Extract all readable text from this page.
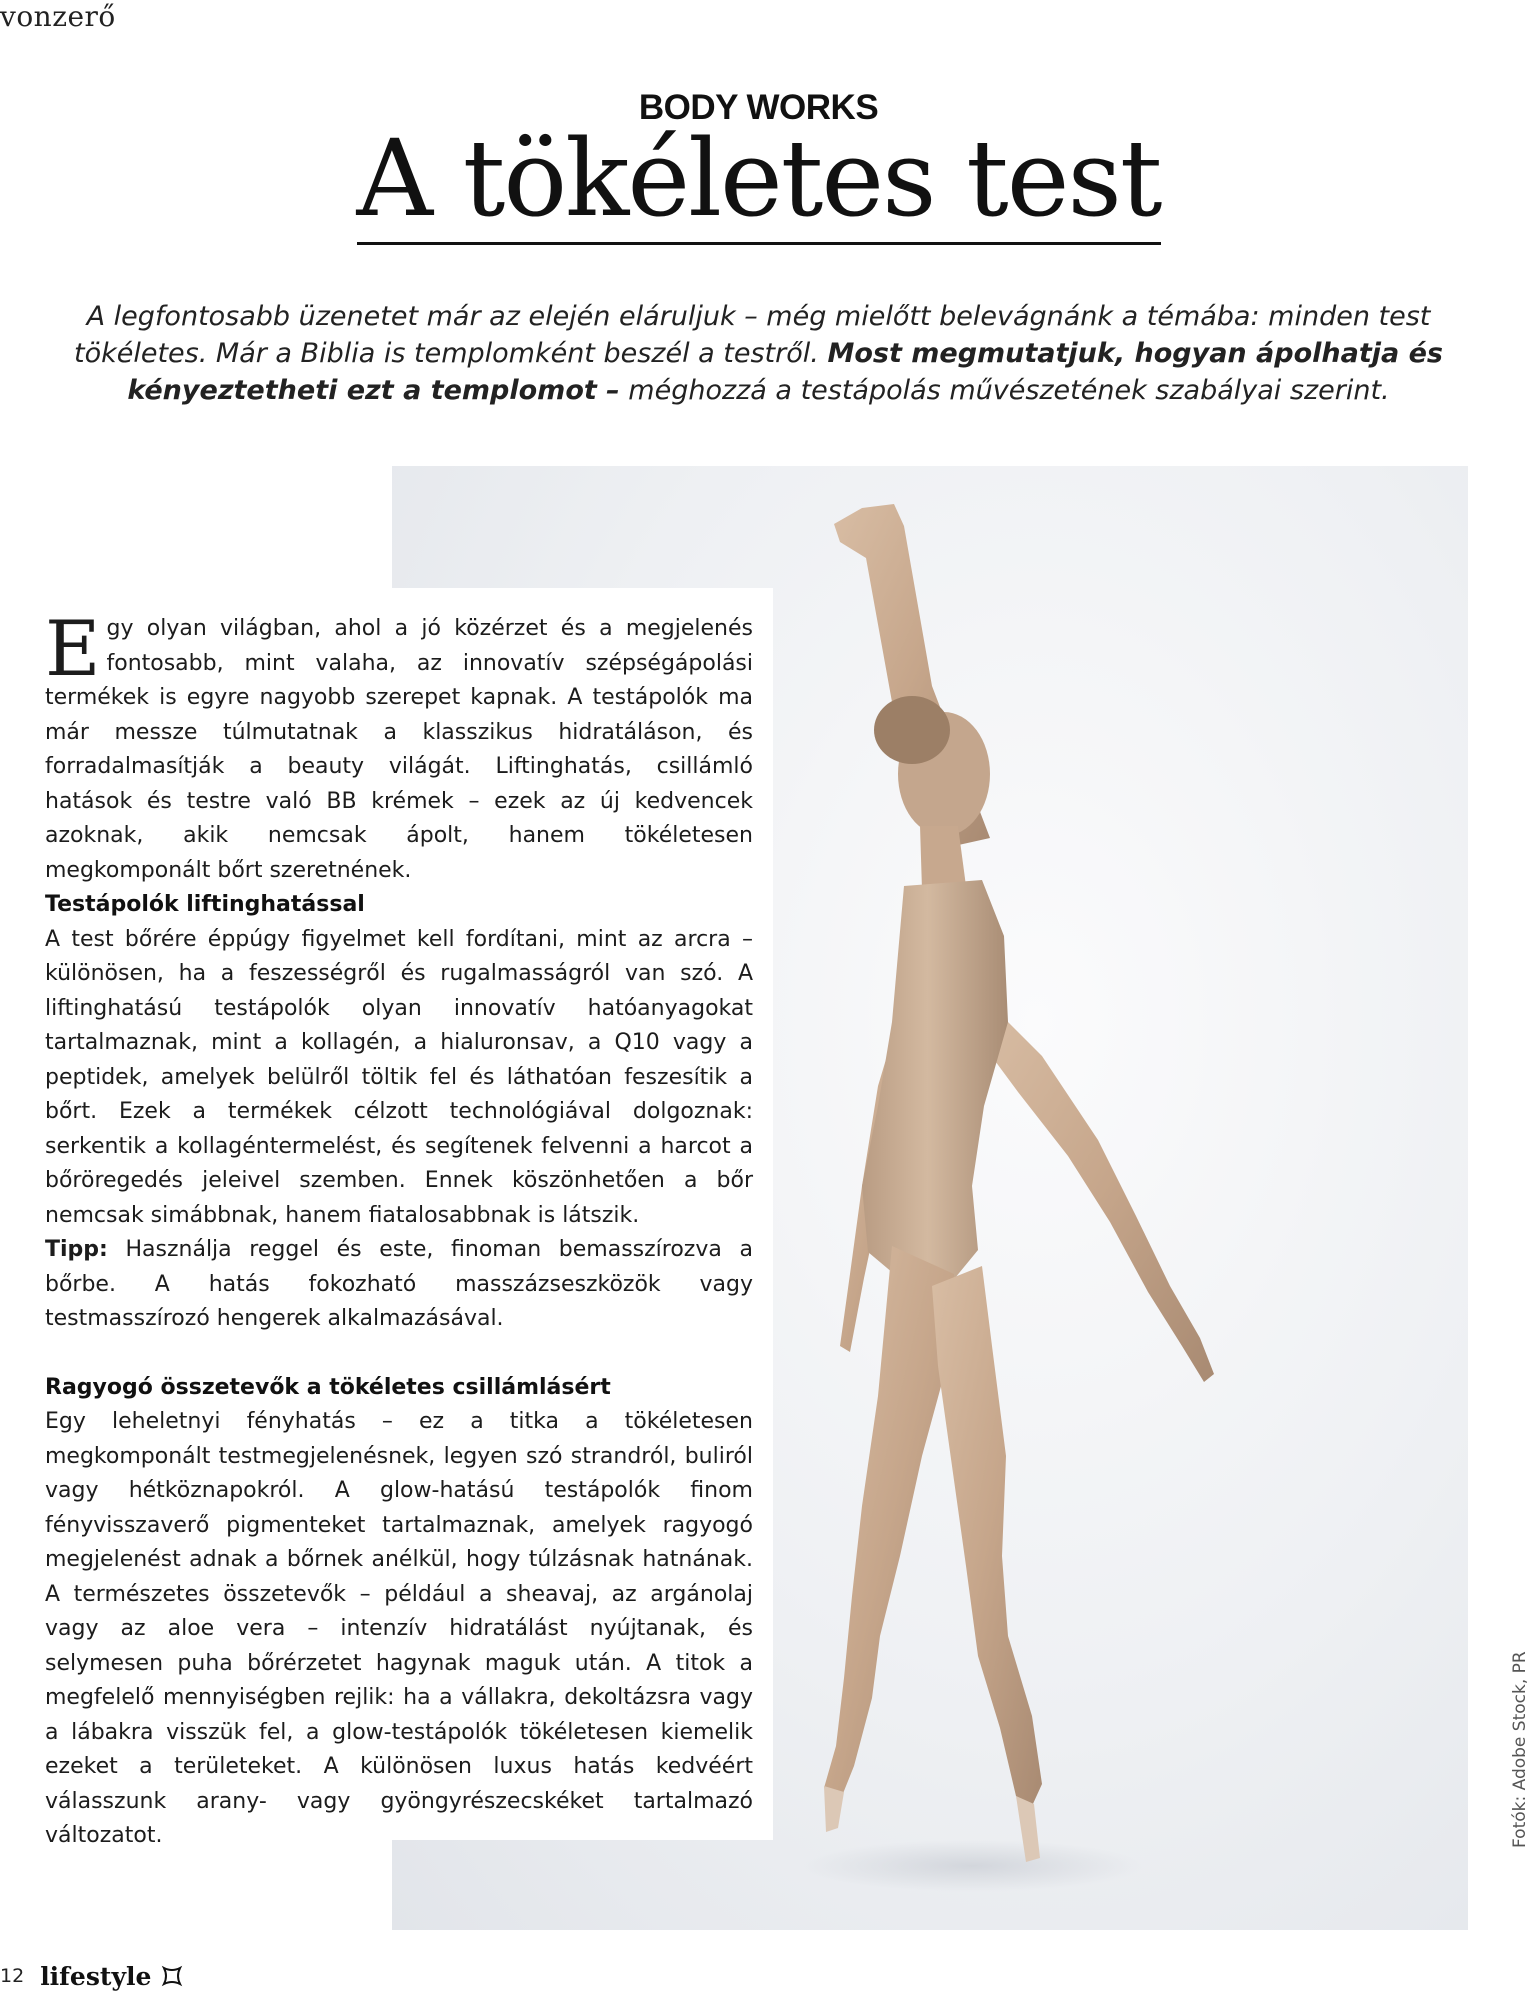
vonzerő
BODY WORKS
A tökéletes test

A legfontosabb üzenetet már az elején eláruljuk – még mielőtt belevágnánk a témába: minden test tökéletes. Már a Biblia is templomként beszél a testről. Most megmutatjuk, hogyan ápolhatja és kényeztetheti ezt a templomot – méghozzá a testápolás művészetének szabályai szerint.

Fotók: Adobe Stock, PR

Egy olyan világban, ahol a jó közérzet és a megjelenés fontosabb, mint valaha, az innovatív szépségápolási termékek is egyre nagyobb szerepet kapnak. A testápolók ma már messze túlmutatnak a klasszikus hidratáláson, és forradalmasítják a beauty világát. Liftinghatás, csillámló hatások és testre való BB krémek – ezek az új kedvencek azoknak, akik nemcsak ápolt, hanem tökéletesen megkomponált bőrt szeretnének.

Testápolók liftinghatással

A test bőrére éppúgy figyelmet kell fordítani, mint az arcra – különösen, ha a feszességről és rugalmasságról van szó. A liftinghatású testápolók olyan innovatív hatóanyagokat tartalmaznak, mint a kollagén, a hialuronsav, a Q10 vagy a peptidek, amelyek belülről töltik fel és láthatóan feszesítik a bőrt. Ezek a termékek célzott technológiával dolgoznak: serkentik a kollagéntermelést, és segítenek felvenni a harcot a bőröregedés jeleivel szemben. Ennek köszönhetően a bőr nemcsak simábbnak, hanem fiatalosabbnak is látszik.

Tipp: Használja reggel és este, finoman bemasszírozva a bőrbe. A hatás fokozható masszázseszközök vagy testmasszírozó hengerek alkalmazásával.

Ragyogó összetevők a tökéletes csillámlásért

Egy leheletnyi fényhatás – ez a titka a tökéletesen megkomponált testmegjelenésnek, legyen szó strandról, buliról vagy hétköznapokról. A glow-hatású testápolók finom fényvisszaverő pigmenteket tartalmaznak, amelyek ragyogó megjelenést adnak a bőrnek anélkül, hogy túlzásnak hatnának. A természetes összetevők – például a sheavaj, az argánolaj vagy az aloe vera – intenzív hidratálást nyújtanak, és selymesen puha bőrérzetet hagynak maguk után. A titok a megfelelő mennyiségben rejlik: ha a vállakra, dekoltázsra vagy a lábakra visszük fel, a glow-testápolók tökéletesen kiemelik ezeket a területeket. A különösen luxus hatás kedvéért válasszunk arany- vagy gyöngyrészecskéket tartalmazó változatot.

12 lifestyle
